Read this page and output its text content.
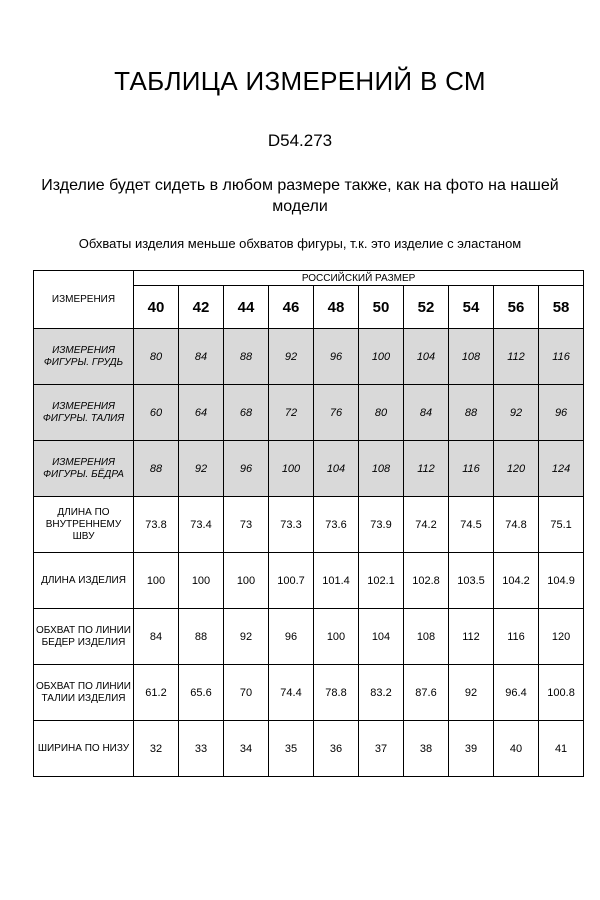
ТАБЛИЦА ИЗМЕРЕНИЙ В СМ
D54.273
Изделие будет сидеть в любом размере также, как на фото на нашей модели
Обхваты изделия меньше обхватов фигуры, т.к. это изделие с эластаном
ИЗМЕРЕНИЯ	РОССИЙСКИЙ РАЗМЕР									
	40	42	44	46	48	50	52	54	56	58
ИЗМЕРЕНИЯ ФИГУРЫ. ГРУДЬ	80	84	88	92	96	100	104	108	112	116
ИЗМЕРЕНИЯ ФИГУРЫ. ТАЛИЯ	60	64	68	72	76	80	84	88	92	96
ИЗМЕРЕНИЯ ФИГУРЫ. БЁДРА	88	92	96	100	104	108	112	116	120	124
ДЛИНА ПО ВНУТРЕННЕМУ ШВУ	73.8	73.4	73	73.3	73.6	73.9	74.2	74.5	74.8	75.1
ДЛИНА ИЗДЕЛИЯ	100	100	100	100.7	101.4	102.1	102.8	103.5	104.2	104.9
ОБХВАТ ПО ЛИНИИ БЕДЕР ИЗДЕЛИЯ	84	88	92	96	100	104	108	112	116	120
ОБХВАТ ПО ЛИНИИ ТАЛИИ ИЗДЕЛИЯ	61.2	65.6	70	74.4	78.8	83.2	87.6	92	96.4	100.8
ШИРИНА ПО НИЗУ	32	33	34	35	36	37	38	39	40	41
